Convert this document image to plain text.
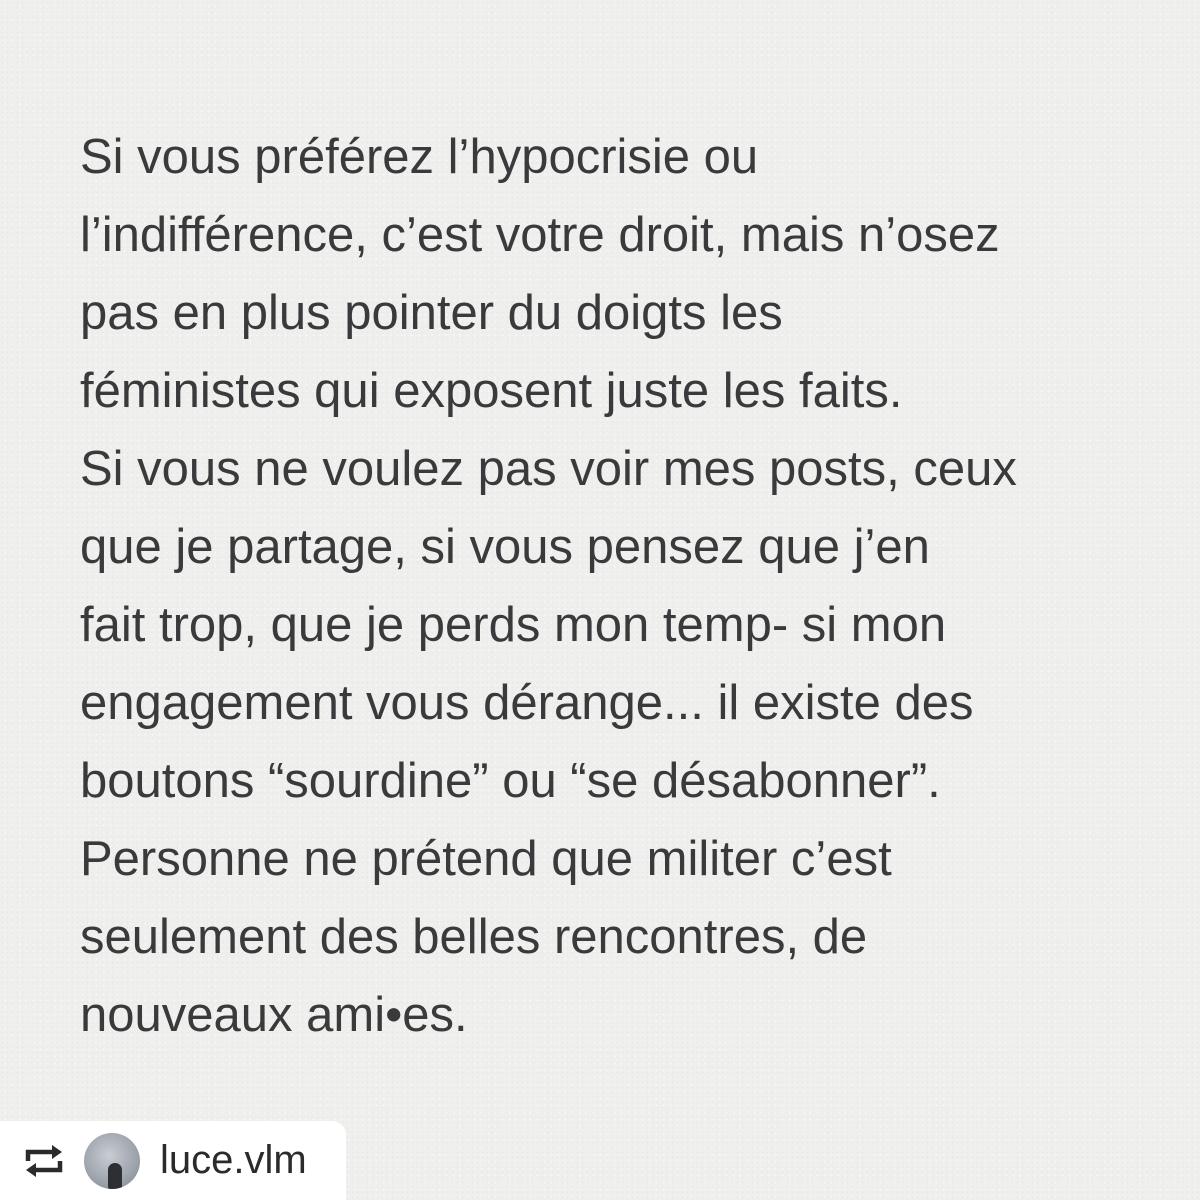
Si vous préférez l’hypocrisie ou
l’indifférence, c’est votre droit, mais n’osez
pas en plus pointer du doigts les
féministes qui exposent juste les faits.
Si vous ne voulez pas voir mes posts, ceux
que je partage, si vous pensez que j’en
fait trop, que je perds mon temp- si mon
engagement vous dérange... il existe des
boutons “sourdine” ou “se désabonner”.
Personne ne prétend que militer c’est
seulement des belles rencontres, de
nouveaux ami•es.
luce.vlm
